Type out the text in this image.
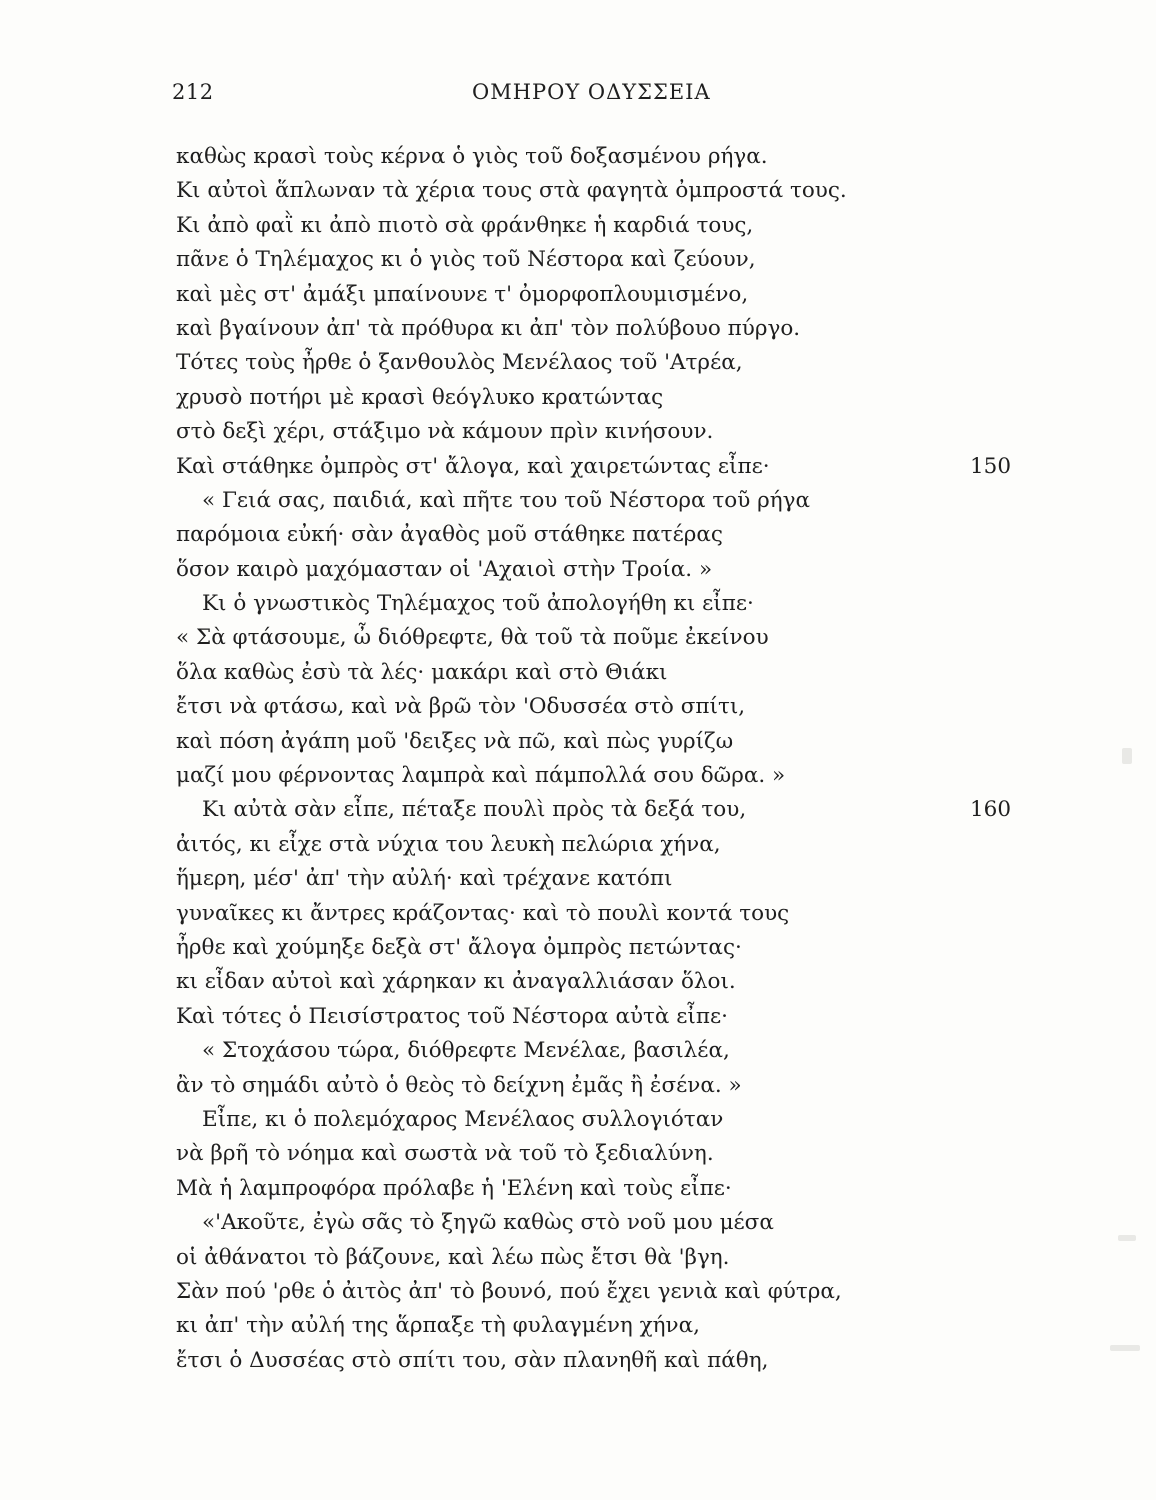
212	ΟΜΗΡΟΥ ΟΔΥΣΣΕΙΑ
καθὼς κρασὶ τοὺς κέρνα ὁ γιὸς τοῦ δοξασμένου ρήγα.
Κι αὐτοὶ ἅπλωναν τὰ χέρια τους στὰ φαγητὰ ὀμπροστά τους.
Κι ἀπὸ φαῒ κι ἀπὸ πιοτὸ σὰ φράνθηκε ἡ καρδιά τους,
πᾶνε ὁ Τηλέμαχος κι ὁ γιὸς τοῦ Νέστορα καὶ ζεύουν,
καὶ μὲς στ' ἀμάξι μπαίνουνε τ' ὀμορφοπλουμισμένο,
καὶ βγαίνουν ἀπ' τὰ πρόθυρα κι ἀπ' τὸν πολύβουο πύργο.
Τότες τοὺς ἦρθε ὁ ξανθουλὸς Μενέλαος τοῦ 'Ατρέα,
χρυσὸ ποτήρι μὲ κρασὶ θεόγλυκο κρατώντας
στὸ δεξὶ χέρι, στάξιμο νὰ κάμουν πρὶν κινήσουν.
Καὶ στάθηκε ὀμπρὸς στ' ἄλογα, καὶ χαιρετώντας εἶπε·	150
« Γειά σας, παιδιά, καὶ πῆτε του τοῦ Νέστορα τοῦ ρήγα
παρόμοια εὐκή· σὰν ἀγαθὸς μοῦ στάθηκε πατέρας
ὅσον καιρὸ μαχόμασταν οἱ 'Αχαιοὶ στὴν Τροία. »
Κι ὁ γνωστικὸς Τηλέμαχος τοῦ ἀπολογήθη κι εἶπε·
« Σὰ φτάσουμε, ὦ διόθρεφτε, θὰ τοῦ τὰ ποῦμε ἐκείνου
ὅλα καθὼς ἐσὺ τὰ λές· μακάρι καὶ στὸ Θιάκι
ἔτσι νὰ φτάσω, καὶ νὰ βρῶ τὸν 'Οδυσσέα στὸ σπίτι,
καὶ πόση ἀγάπη μοῦ 'δειξες νὰ πῶ, καὶ πὼς γυρίζω
μαζί μου φέρνοντας λαμπρὰ καὶ πάμπολλά σου δῶρα. »
Κι αὐτὰ σὰν εἶπε, πέταξε πουλὶ πρὸς τὰ δεξά του,	160
ἀιτός, κι εἶχε στὰ νύχια του λευκὴ πελώρια χήνα,
ἥμερη, μέσ' ἀπ' τὴν αὐλή· καὶ τρέχανε κατόπι
γυναῖκες κι ἄντρες κράζοντας· καὶ τὸ πουλὶ κοντά τους
ἦρθε καὶ χούμηξε δεξὰ στ' ἄλογα ὀμπρὸς πετώντας·
κι εἶδαν αὐτοὶ καὶ χάρηκαν κι ἀναγαλλιάσαν ὅλοι.
Καὶ τότες ὁ Πεισίστρατος τοῦ Νέστορα αὐτὰ εἶπε·
« Στοχάσου τώρα, διόθρεφτε Μενέλαε, βασιλέα,
ἂν τὸ σημάδι αὐτὸ ὁ θεὸς τὸ δείχνη ἐμᾶς ἢ ἐσένα. »
Εἶπε, κι ὁ πολεμόχαρος Μενέλαος συλλογιόταν
νὰ βρῆ τὸ νόημα καὶ σωστὰ νὰ τοῦ τὸ ξεδιαλύνη.
Μὰ ἡ λαμπροφόρα πρόλαβε ἡ 'Ελένη καὶ τοὺς εἶπε·
«'Ακοῦτε, ἐγὼ σᾶς τὸ ξηγῶ καθὼς στὸ νοῦ μου μέσα
οἱ ἀθάνατοι τὸ βάζουνε, καὶ λέω πὼς ἔτσι θὰ 'βγη.
Σὰν πού 'ρθε ὁ ἀιτὸς ἀπ' τὸ βουνό, πού ἔχει γενιὰ καὶ φύτρα,
κι ἀπ' τὴν αὐλή της ἅρπαξε τὴ φυλαγμένη χήνα,
ἔτσι ὁ Δυσσέας στὸ σπίτι του, σὰν πλανηθῆ καὶ πάθη,
